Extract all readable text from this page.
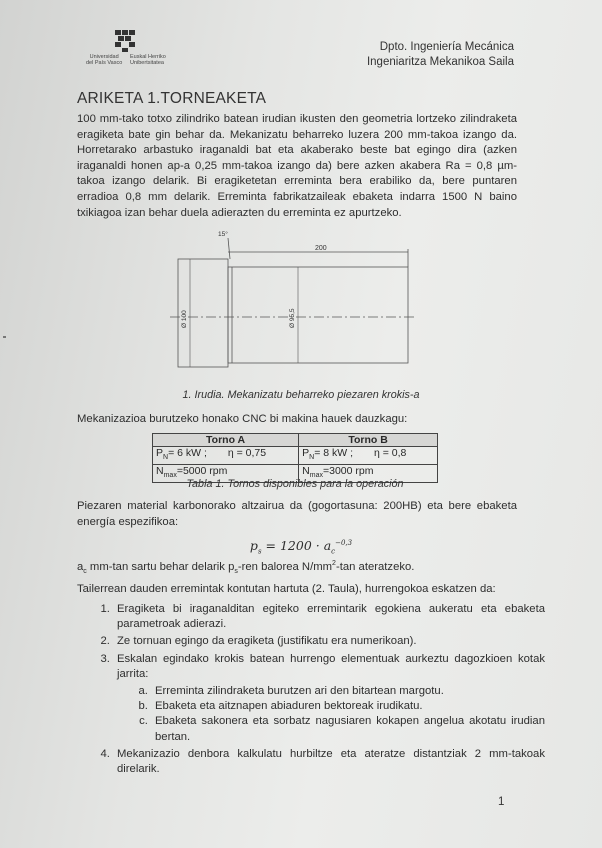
Universidad
del País Vasco
Euskal Herriko
Unibertsitatea
Dpto. Ingeniería Mecánica
Ingeniaritza Mekanikoa Saila
ARIKETA 1.TORNEAKETA
100 mm-tako totxo zilindriko batean irudian ikusten den geometria lortzeko zilindraketa eragiketa bate gin behar da. Mekanizatu beharreko luzera 200 mm-takoa izango da. Horretarako arbastuko iraganaldi bat eta akaberako beste bat egingo dira (azken iraganaldi honen ap-a 0,25 mm-takoa izango da) bere azken akabera Ra = 0,8 µm-takoa izango delarik. Bi eragiketetan erreminta bera erabiliko da, bere puntaren erradioa 0,8 mm delarik. Erreminta fabrikatzaileak ebaketa indarra 1500 N baino txikiagoa izan behar duela adierazten du erreminta ez apurtzeko.
15°
200
Ø 100	Ø 95,5
1. Irudia. Mekanizatu beharreko piezaren krokis-a
Mekanizazioa burutzeko honako CNC bi makina hauek dauzkagu:
Torno A	Torno B
$P_N= 6$ kW ; η = 0,75	$P_N= 8$ kW ; η = 0,8
$N_{max}=5000$ rpm	$N_{max}=3000$ rpm
Tabla 1. Tornos disponibles para la operación
Piezaren material karbonorako altzairua da (gogortasuna: 200HB) eta bere ebaketa energía espezifikoa:
$p_s = 1200 \cdot a_c^{-0,3}$
$a_c$ mm-tan sartu behar delarik $p_s$-ren balorea $N/mm^2-\tan$ ateratzeko.
Tailerrean dauden erremintak kontutan hartuta (2. Taula), hurrengokoa eskatzen da:
1. Eragiketa bi iraganalditan egiteko erremintarik egokiena aukeratu eta ebaketa parametroak adierazi.
2. Ze tornuan egingo da eragiketa (justifikatu era numerikoan).
3. Eskalan egindako krokis batean hurrengo elementuak aurkeztu dagozkioen kotak jarrita:
a. Erreminta zilindraketa burutzen ari den bitartean margotu.
b. Ebaketa eta aitznapen abiaduren bektoreak irudikatu.
c. Ebaketa sakonera eta sorbatz nagusiaren kokapen angelua akotatu irudian bertan.
4. Mekanizazio denbora kalkulatu hurbiltze eta ateratze distantziak 2 mm-takoak direlarik.
1
